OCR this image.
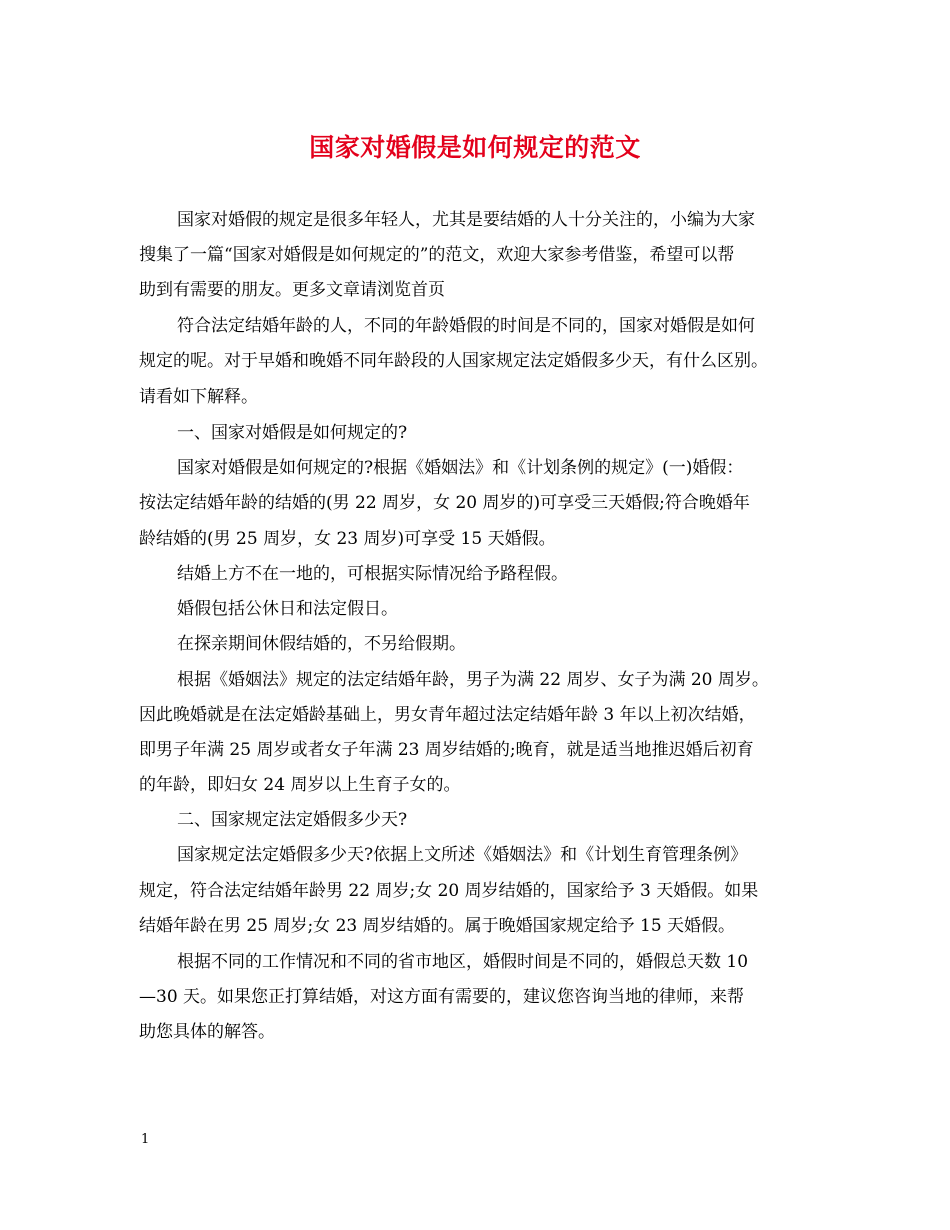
国家对婚假是如何规定的范文
国家对婚假的规定是很多年轻人，尤其是要结婚的人十分关注的，小编为大家
搜集了一篇“国家对婚假是如何规定的”的范文，欢迎大家参考借鉴，希望可以帮
助到有需要的朋友。更多文章请浏览首页
符合法定结婚年龄的人，不同的年龄婚假的时间是不同的，国家对婚假是如何
规定的呢。对于早婚和晚婚不同年龄段的人国家规定法定婚假多少天，有什么区别。
请看如下解释。
一、国家对婚假是如何规定的?
国家对婚假是如何规定的?根据《婚姻法》和《计划条例的规定》(一)婚假：
按法定结婚年龄的结婚的(男 22 周岁，女 20 周岁的)可享受三天婚假;符合晚婚年
龄结婚的(男 25 周岁，女 23 周岁)可享受 15 天婚假。
结婚上方不在一地的，可根据实际情况给予路程假。
婚假包括公休日和法定假日。
在探亲期间休假结婚的，不另给假期。
根据《婚姻法》规定的法定结婚年龄，男子为满 22 周岁、女子为满 20 周岁。
因此晚婚就是在法定婚龄基础上，男女青年超过法定结婚年龄 3 年以上初次结婚，
即男子年满 25 周岁或者女子年满 23 周岁结婚的;晚育，就是适当地推迟婚后初育
的年龄，即妇女 24 周岁以上生育子女的。
二、国家规定法定婚假多少天?
国家规定法定婚假多少天?依据上文所述《婚姻法》和《计划生育管理条例》
规定，符合法定结婚年龄男 22 周岁;女 20 周岁结婚的，国家给予 3 天婚假。如果
结婚年龄在男 25 周岁;女 23 周岁结婚的。属于晚婚国家规定给予 15 天婚假。
根据不同的工作情况和不同的省市地区，婚假时间是不同的，婚假总天数 10
—30 天。如果您正打算结婚，对这方面有需要的，建议您咨询当地的律师，来帮
助您具体的解答。
1
